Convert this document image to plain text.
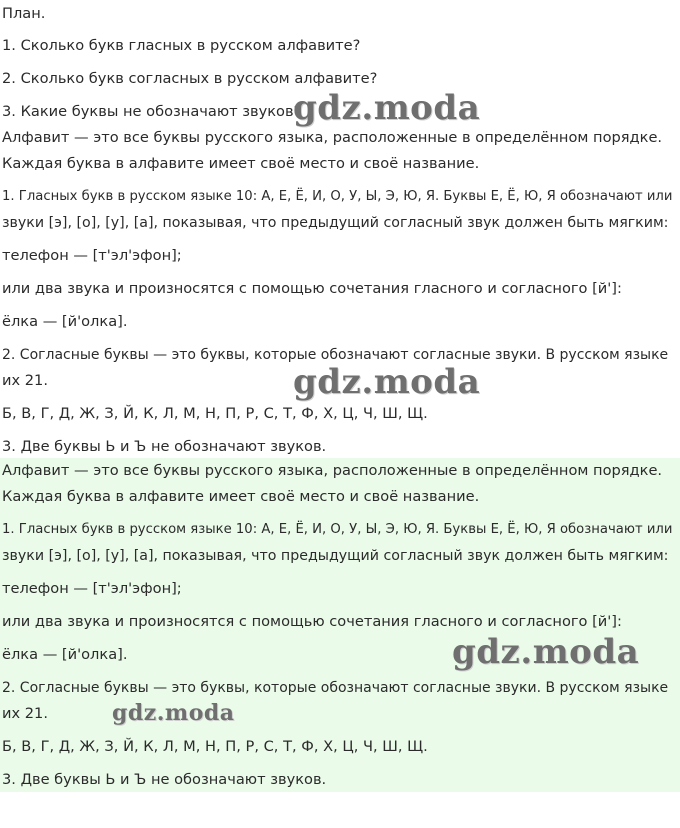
План.
1. Сколько букв гласных в русском алфавите?
2. Сколько букв согласных в русском алфавите?
3. Какие буквы не обозначают звуков?
Алфавит — это все буквы русского языка, расположенные в определённом порядке.
Каждая буква в алфавите имеет своё место и своё название.
1. Гласных букв в русском языке 10: А, Е, Ё, И, О, У, Ы, Э, Ю, Я. Буквы Е, Ё, Ю, Я обозначают или
звуки [э], [о], [у], [а], показывая, что предыдущий согласный звук должен быть мягким:
телефон — [т'эл'эфон];
или два звука и произносятся с помощью сочетания гласного и согласного [й']:
ёлка — [й'олка].
2. Согласные буквы — это буквы, которые обозначают согласные звуки. В русском языке
их 21.
Б, В, Г, Д, Ж, З, Й, К, Л, М, Н, П, Р, С, Т, Ф, Х, Ц, Ч, Ш, Щ.
3. Две буквы Ь и Ъ не обозначают звуков.
Алфавит — это все буквы русского языка, расположенные в определённом порядке.
Каждая буква в алфавите имеет своё место и своё название.
1. Гласных букв в русском языке 10: А, Е, Ё, И, О, У, Ы, Э, Ю, Я. Буквы Е, Ё, Ю, Я обозначают или
звуки [э], [о], [у], [а], показывая, что предыдущий согласный звук должен быть мягким:
телефон — [т'эл'эфон];
или два звука и произносятся с помощью сочетания гласного и согласного [й']:
ёлка — [й'олка].
2. Согласные буквы — это буквы, которые обозначают согласные звуки. В русском языке
их 21.
Б, В, Г, Д, Ж, З, Й, К, Л, М, Н, П, Р, С, Т, Ф, Х, Ц, Ч, Ш, Щ.
3. Две буквы Ь и Ъ не обозначают звуков.
gdz.moda
gdz.moda
gdz.moda
gdz.moda
